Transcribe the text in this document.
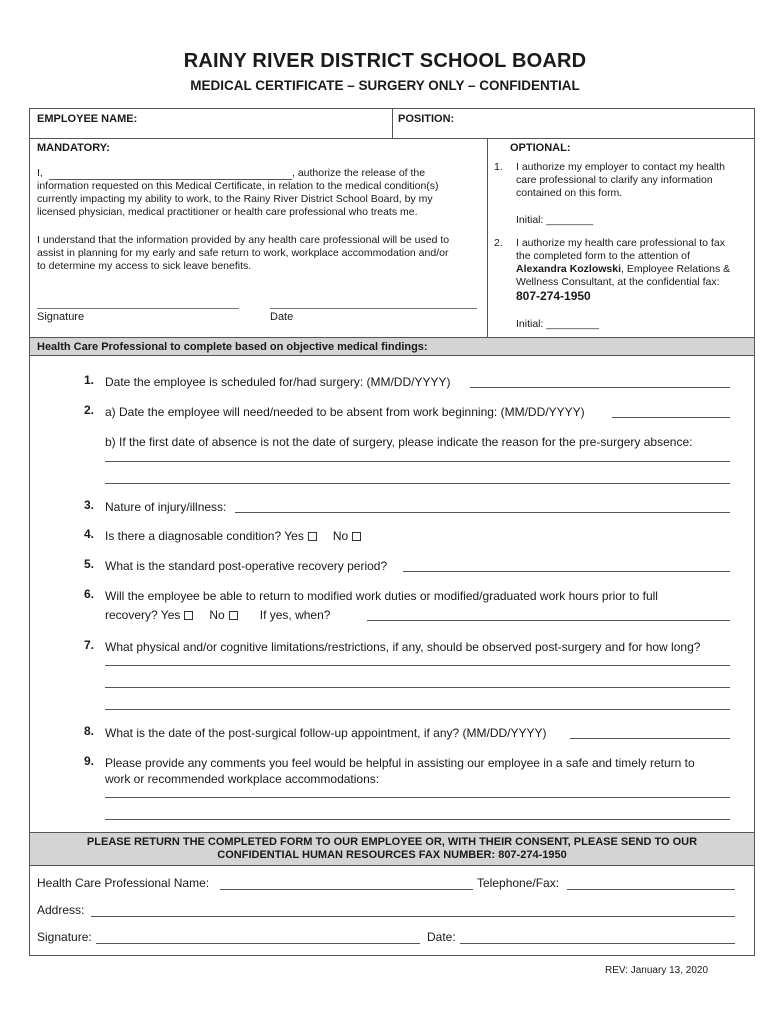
RAINY RIVER DISTRICT SCHOOL BOARD
MEDICAL CERTIFICATE – SURGERY ONLY – CONFIDENTIAL
EMPLOYEE NAME:	POSITION:
MANDATORY:
I,	, authorize the release of the
information requested on this Medical Certificate, in relation to the medical condition(s)
currently impacting my ability to work, to the Rainy River District School Board, by my
licensed physician, medical practitioner or health care professional who treats me.
I understand that the information provided by any health care professional will be used to
assist in planning for my early and safe return to work, workplace accommodation and/or
to determine my access to sick leave benefits.
Signature	Date
OPTIONAL:
1. I authorize my employer to contact my health
care professional to clarify any information
contained on this form.
Initial: ________
2. I authorize my health care professional to fax
the completed form to the attention of
Alexandra Kozlowski, Employee Relations &
Wellness Consultant, at the confidential fax:
807-274-1950
Initial: _________
Health Care Professional to complete based on objective medical findings:
1. Date the employee is scheduled for/had surgery: (MM/DD/YYYY)
2. a) Date the employee will need/needed to be absent from work beginning: (MM/DD/YYYY)
b) If the first date of absence is not the date of surgery, please indicate the reason for the pre-surgery absence:
3. Nature of injury/illness:
4. Is there a diagnosable condition? Yes No
5. What is the standard post-operative recovery period?
6. Will the employee be able to return to modified work duties or modified/graduated work hours prior to full
recovery? Yes No	If yes, when?
7. What physical and/or cognitive limitations/restrictions, if any, should be observed post-surgery and for how long?
8. What is the date of the post-surgical follow-up appointment, if any? (MM/DD/YYYY)
9. Please provide any comments you feel would be helpful in assisting our employee in a safe and timely return to
work or recommended workplace accommodations:
PLEASE RETURN THE COMPLETED FORM TO OUR EMPLOYEE OR, WITH THEIR CONSENT, PLEASE SEND TO OUR
CONFIDENTIAL HUMAN RESOURCES FAX NUMBER: 807-274-1950
Health Care Professional Name:	Telephone/Fax:
Address:
Signature:	Date:
REV: January 13, 2020
